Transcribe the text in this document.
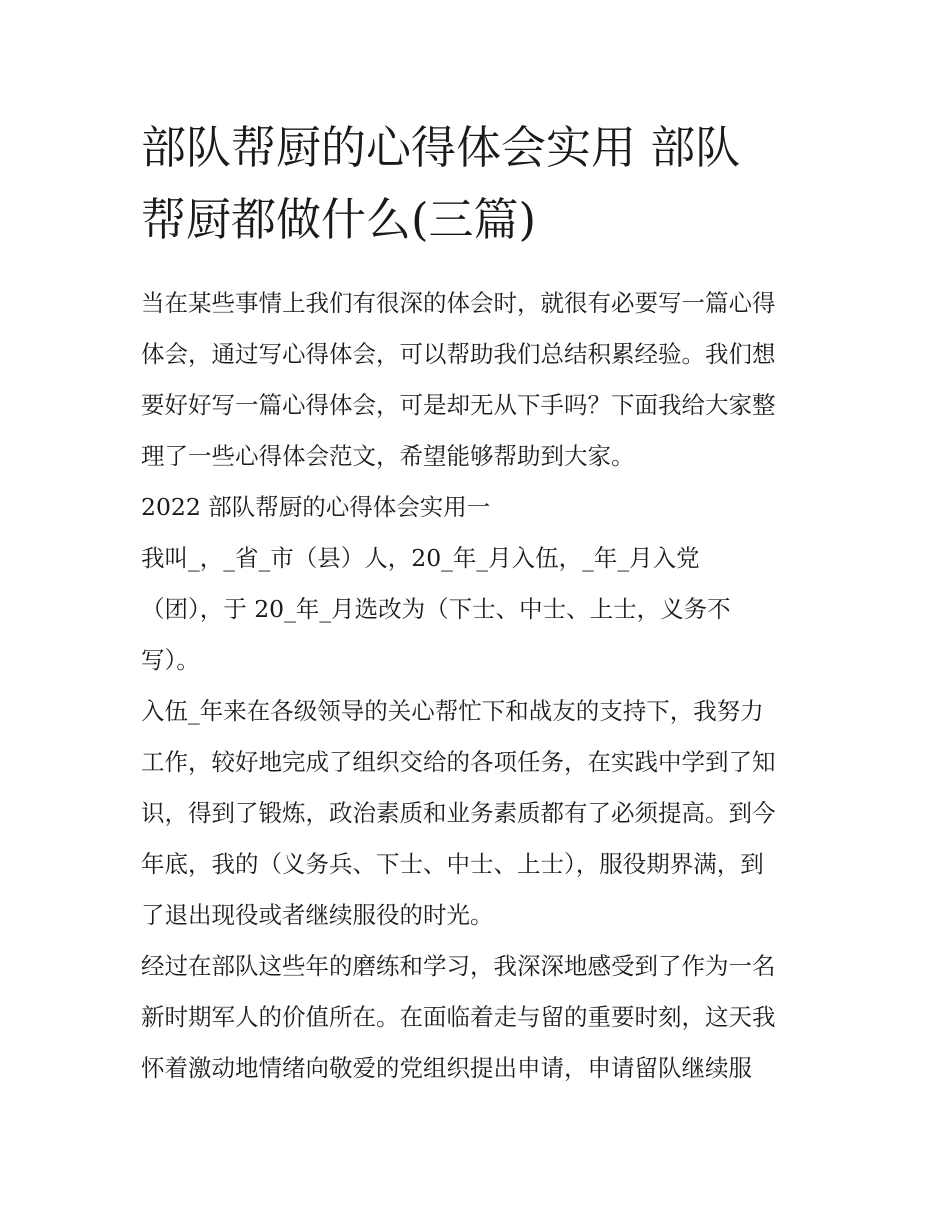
部队帮厨的心得体会实用 部队
帮厨都做什么(三篇)

当在某些事情上我们有很深的体会时，就很有必要写一篇心得
体会，通过写心得体会，可以帮助我们总结积累经验。我们想
要好好写一篇心得体会，可是却无从下手吗？下面我给大家整
理了一些心得体会范文，希望能够帮助到大家。

2022 部队帮厨的心得体会实用一

我叫_，_省_市（县）人，20_年_月入伍，_年_月入党
（团），于 20_年_月选改为（下士、中士、上士，义务不
写）。

入伍_年来在各级领导的关心帮忙下和战友的支持下，我努力
工作，较好地完成了组织交给的各项任务，在实践中学到了知
识，得到了锻炼，政治素质和业务素质都有了必须提高。到今
年底，我的（义务兵、下士、中士、上士），服役期界满，到
了退出现役或者继续服役的时光。

经过在部队这些年的磨练和学习，我深深地感受到了作为一名
新时期军人的价值所在。在面临着走与留的重要时刻，这天我
怀着激动地情绪向敬爱的党组织提出申请，申请留队继续服
